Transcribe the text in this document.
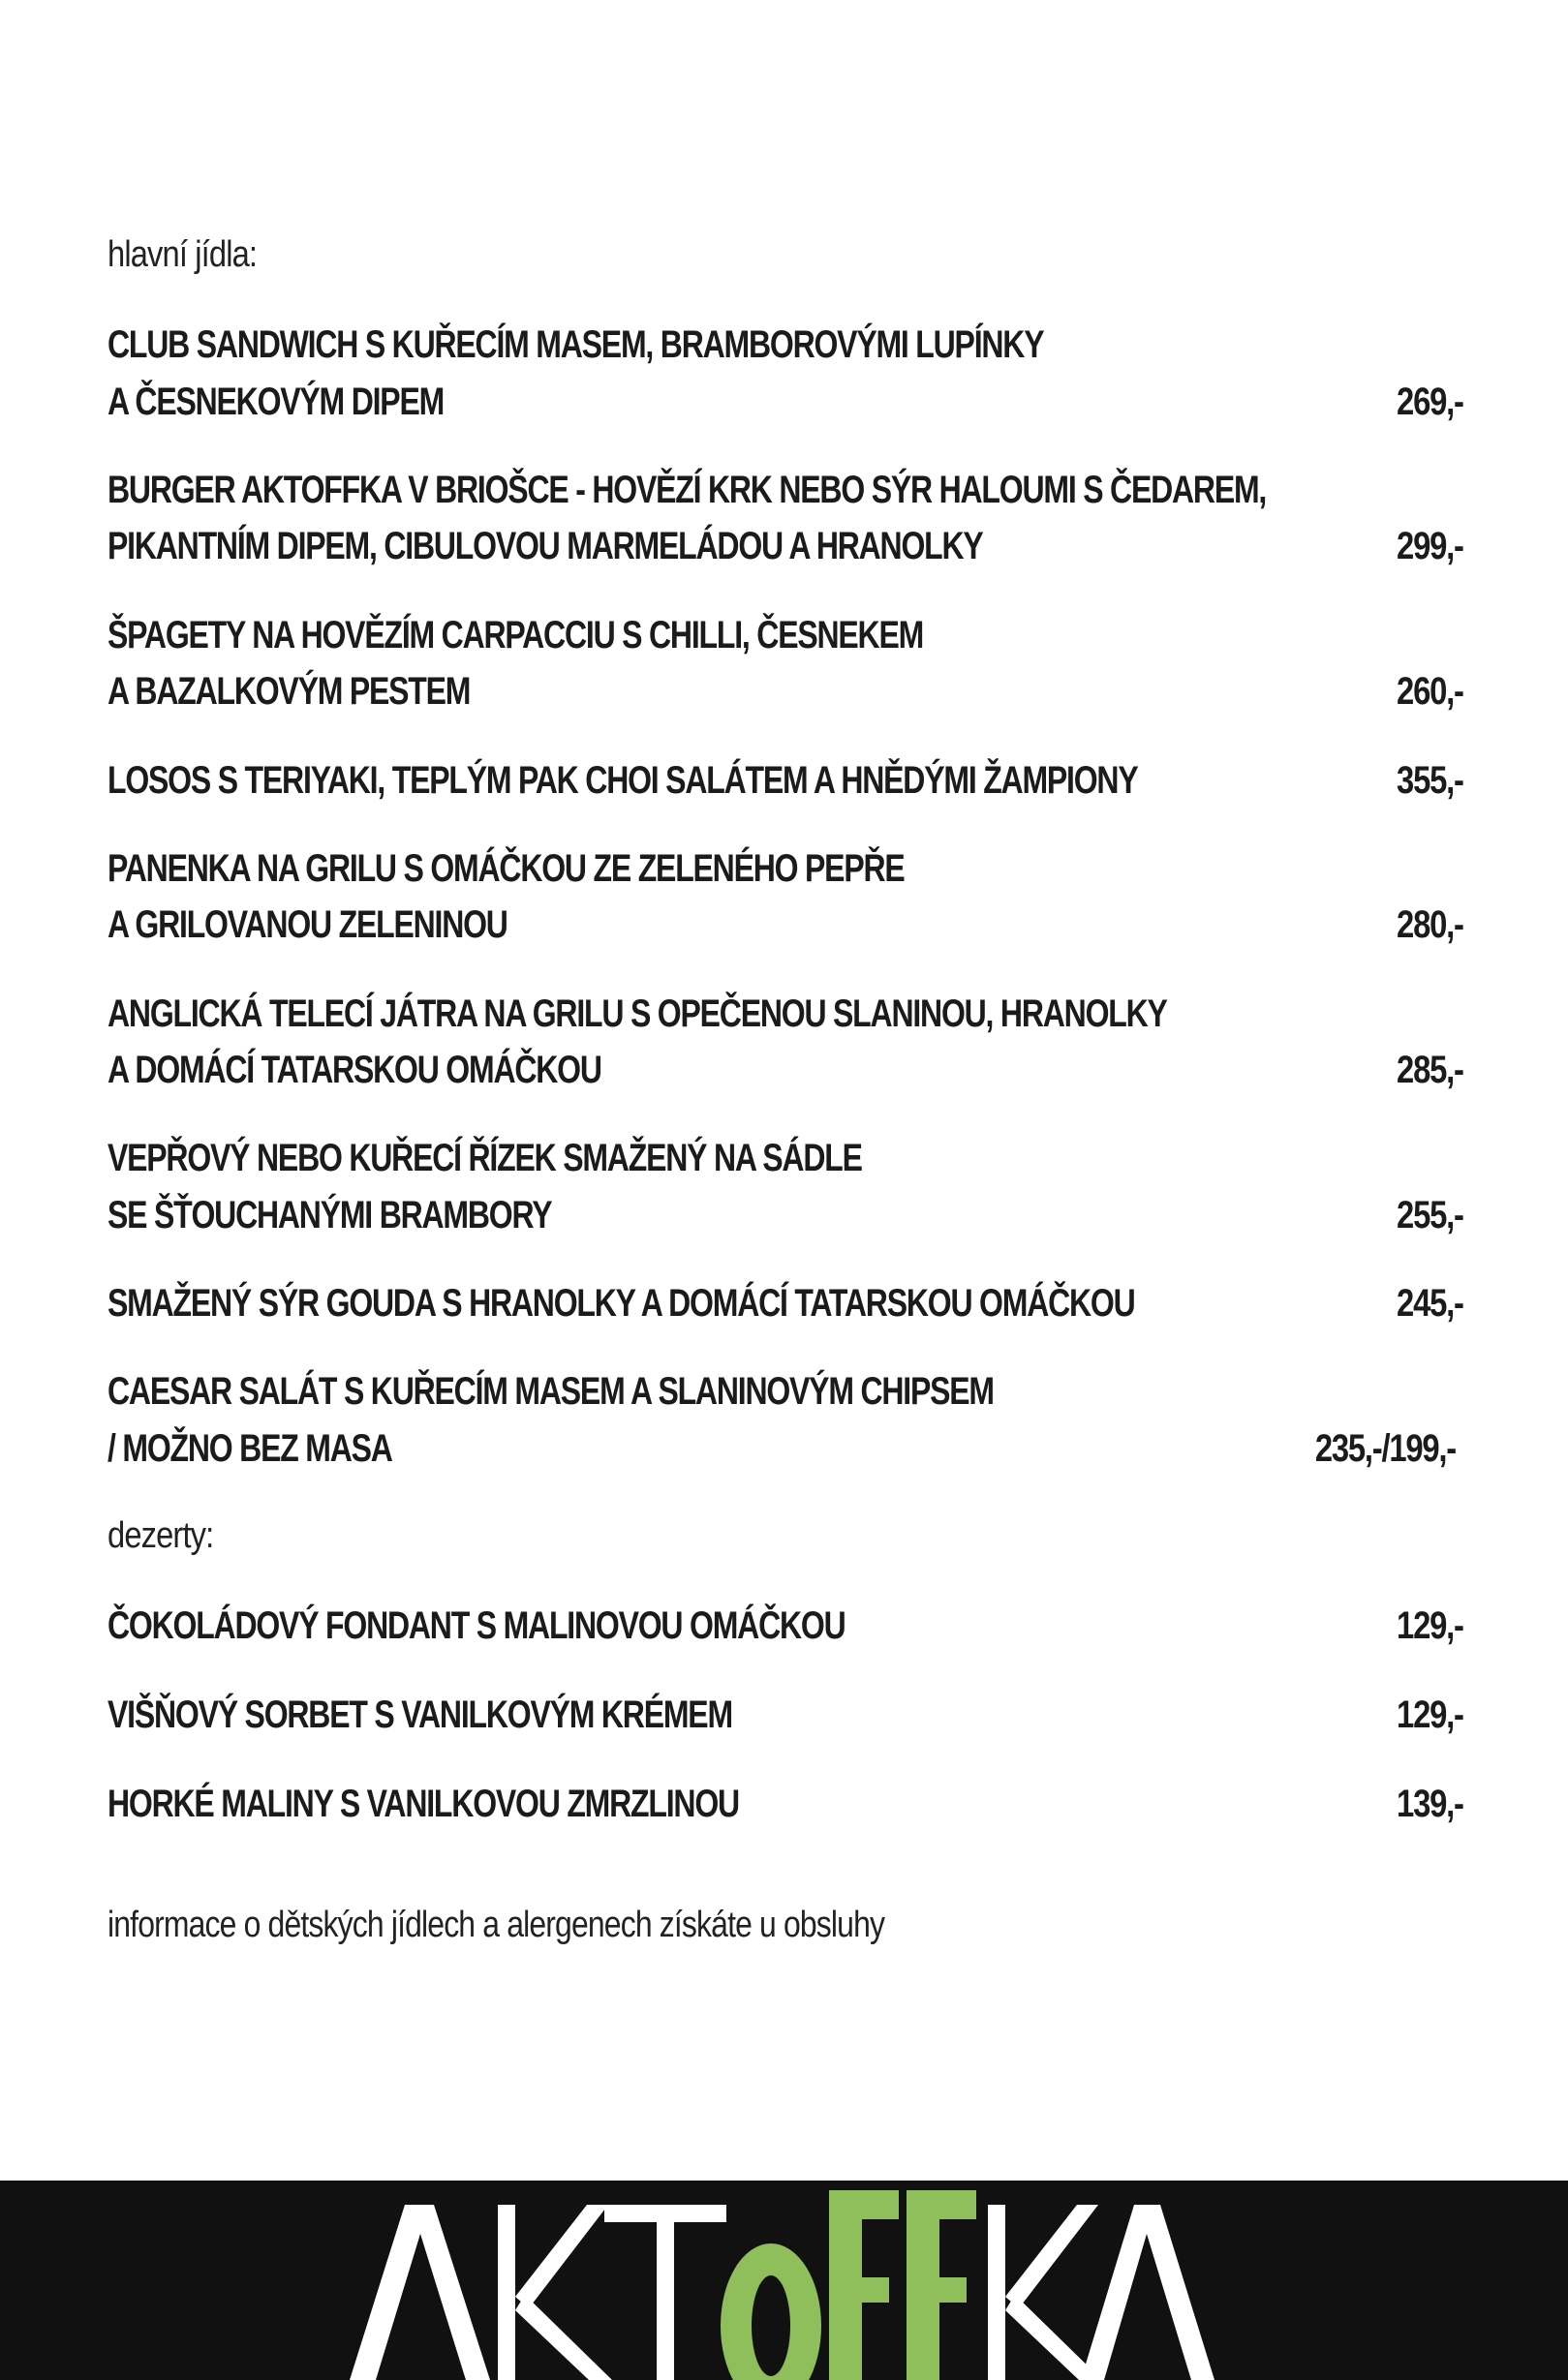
hlavní jídla:
CLUB SANDWICH S KUŘECÍM MASEM, BRAMBOROVÝMI LUPÍNKY
A ČESNEKOVÝM DIPEM	269,-
BURGER AKTOFFKA V BRIOŠCE - HOVĚZÍ KRK NEBO SÝR HALOUMI S ČEDAREM,
PIKANTNÍM DIPEM, CIBULOVOU MARMELÁDOU A HRANOLKY	299,-
ŠPAGETY NA HOVĚZÍM CARPACCIU S CHILLI, ČESNEKEM
A BAZALKOVÝM PESTEM	260,-
LOSOS S TERIYAKI, TEPLÝM PAK CHOI SALÁTEM A HNĚDÝMI ŽAMPIONY	355,-
PANENKA NA GRILU S OMÁČKOU ZE ZELENÉHO PEPŘE
A GRILOVANOU ZELENINOU	280,-
ANGLICKÁ TELECÍ JÁTRA NA GRILU S OPEČENOU SLANINOU, HRANOLKY
A DOMÁCÍ TATARSKOU OMÁČKOU	285,-
VEPŘOVÝ NEBO KUŘECÍ ŘÍZEK SMAŽENÝ NA SÁDLE
SE ŠŤOUCHANÝMI BRAMBORY	255,-
SMAŽENÝ SÝR GOUDA S HRANOLKY A DOMÁCÍ TATARSKOU OMÁČKOU	245,-
CAESAR SALÁT S KUŘECÍM MASEM A SLANINOVÝM CHIPSEM
/ MOŽNO BEZ MASA	235,-/199,-
dezerty:
ČOKOLÁDOVÝ FONDANT S MALINOVOU OMÁČKOU	129,-
VIŠŇOVÝ SORBET S VANILKOVÝM KRÉMEM	129,-
HORKÉ MALINY S VANILKOVOU ZMRZLINOU	139,-
informace o dětských jídlech a alergenech získáte u obsluhy
